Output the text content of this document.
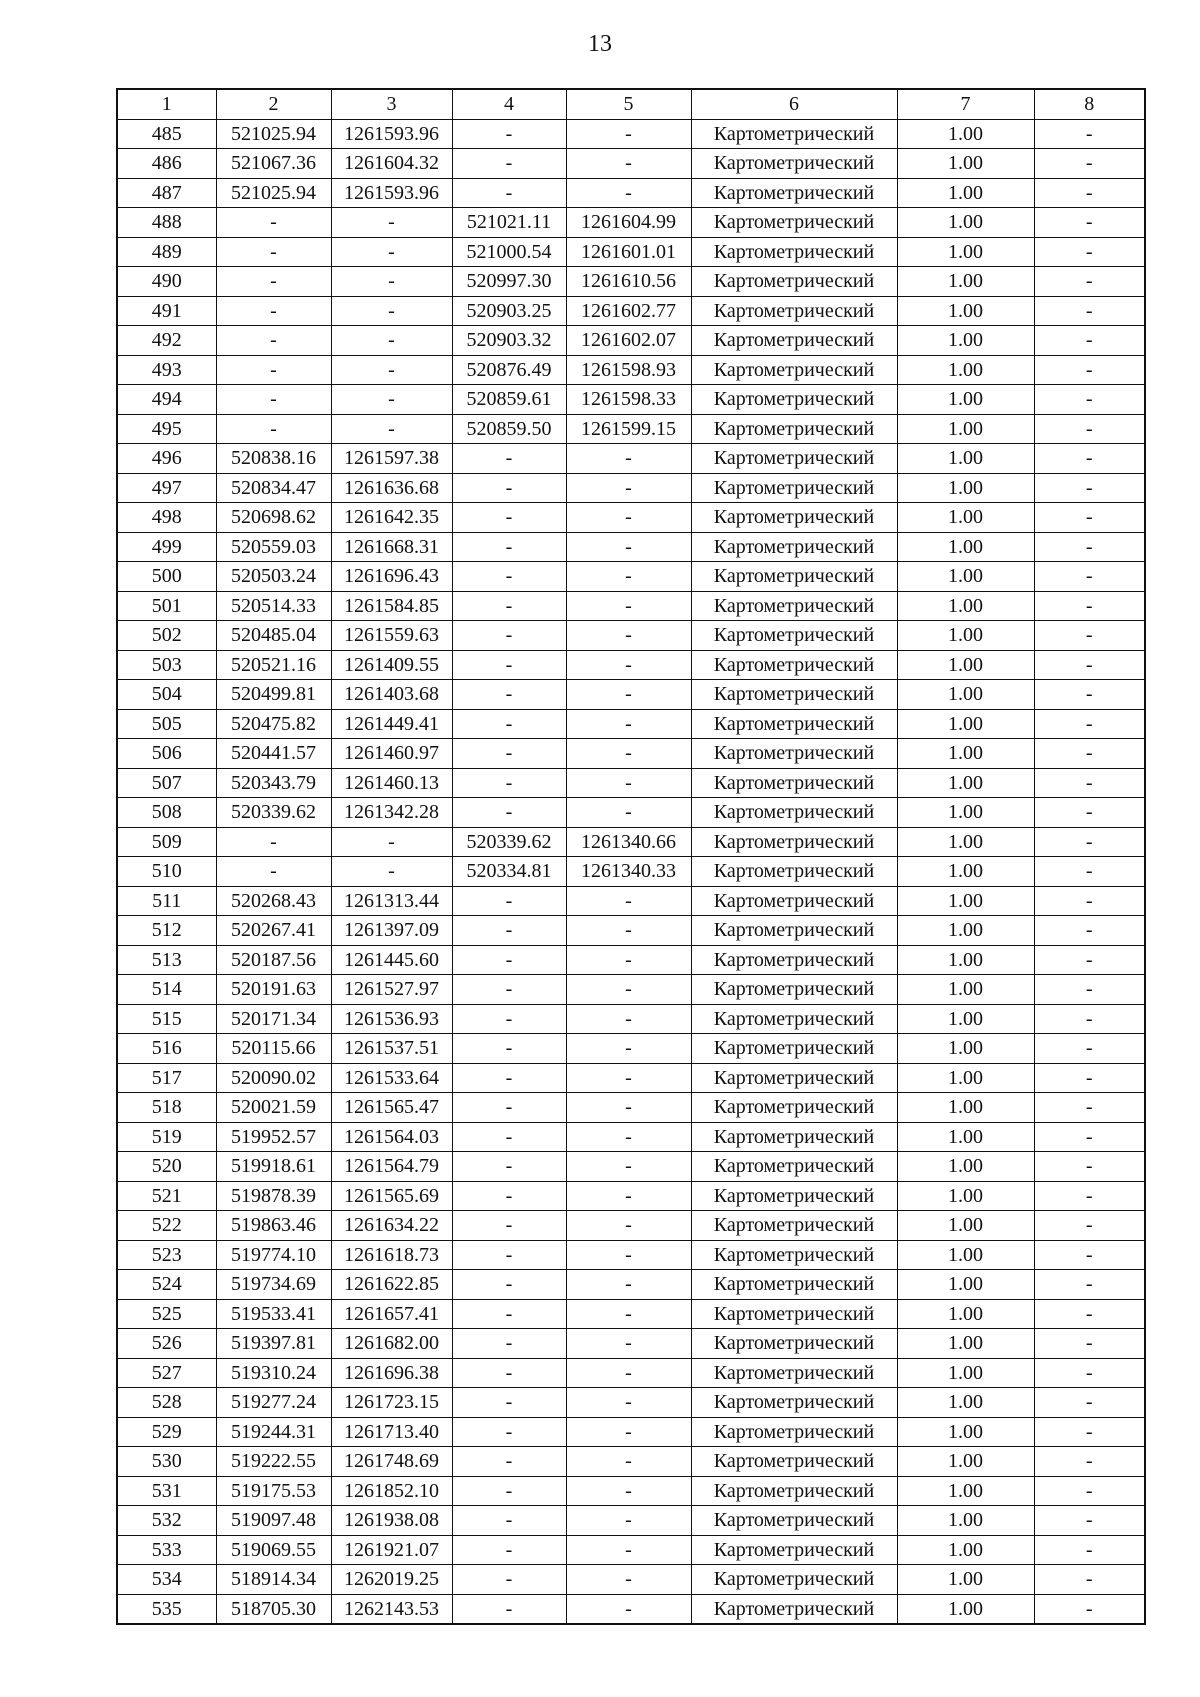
13
1	2	3	4	5	6	7	8
485	521025.94	1261593.96	-	-	Картометрический	1.00	-
486	521067.36	1261604.32	-	-	Картометрический	1.00	-
487	521025.94	1261593.96	-	-	Картометрический	1.00	-
488	-	-	521021.11	1261604.99	Картометрический	1.00	-
489	-	-	521000.54	1261601.01	Картометрический	1.00	-
490	-	-	520997.30	1261610.56	Картометрический	1.00	-
491	-	-	520903.25	1261602.77	Картометрический	1.00	-
492	-	-	520903.32	1261602.07	Картометрический	1.00	-
493	-	-	520876.49	1261598.93	Картометрический	1.00	-
494	-	-	520859.61	1261598.33	Картометрический	1.00	-
495	-	-	520859.50	1261599.15	Картометрический	1.00	-
496	520838.16	1261597.38	-	-	Картометрический	1.00	-
497	520834.47	1261636.68	-	-	Картометрический	1.00	-
498	520698.62	1261642.35	-	-	Картометрический	1.00	-
499	520559.03	1261668.31	-	-	Картометрический	1.00	-
500	520503.24	1261696.43	-	-	Картометрический	1.00	-
501	520514.33	1261584.85	-	-	Картометрический	1.00	-
502	520485.04	1261559.63	-	-	Картометрический	1.00	-
503	520521.16	1261409.55	-	-	Картометрический	1.00	-
504	520499.81	1261403.68	-	-	Картометрический	1.00	-
505	520475.82	1261449.41	-	-	Картометрический	1.00	-
506	520441.57	1261460.97	-	-	Картометрический	1.00	-
507	520343.79	1261460.13	-	-	Картометрический	1.00	-
508	520339.62	1261342.28	-	-	Картометрический	1.00	-
509	-	-	520339.62	1261340.66	Картометрический	1.00	-
510	-	-	520334.81	1261340.33	Картометрический	1.00	-
511	520268.43	1261313.44	-	-	Картометрический	1.00	-
512	520267.41	1261397.09	-	-	Картометрический	1.00	-
513	520187.56	1261445.60	-	-	Картометрический	1.00	-
514	520191.63	1261527.97	-	-	Картометрический	1.00	-
515	520171.34	1261536.93	-	-	Картометрический	1.00	-
516	520115.66	1261537.51	-	-	Картометрический	1.00	-
517	520090.02	1261533.64	-	-	Картометрический	1.00	-
518	520021.59	1261565.47	-	-	Картометрический	1.00	-
519	519952.57	1261564.03	-	-	Картометрический	1.00	-
520	519918.61	1261564.79	-	-	Картометрический	1.00	-
521	519878.39	1261565.69	-	-	Картометрический	1.00	-
522	519863.46	1261634.22	-	-	Картометрический	1.00	-
523	519774.10	1261618.73	-	-	Картометрический	1.00	-
524	519734.69	1261622.85	-	-	Картометрический	1.00	-
525	519533.41	1261657.41	-	-	Картометрический	1.00	-
526	519397.81	1261682.00	-	-	Картометрический	1.00	-
527	519310.24	1261696.38	-	-	Картометрический	1.00	-
528	519277.24	1261723.15	-	-	Картометрический	1.00	-
529	519244.31	1261713.40	-	-	Картометрический	1.00	-
530	519222.55	1261748.69	-	-	Картометрический	1.00	-
531	519175.53	1261852.10	-	-	Картометрический	1.00	-
532	519097.48	1261938.08	-	-	Картометрический	1.00	-
533	519069.55	1261921.07	-	-	Картометрический	1.00	-
534	518914.34	1262019.25	-	-	Картометрический	1.00	-
535	518705.30	1262143.53	-	-	Картометрический	1.00	-
